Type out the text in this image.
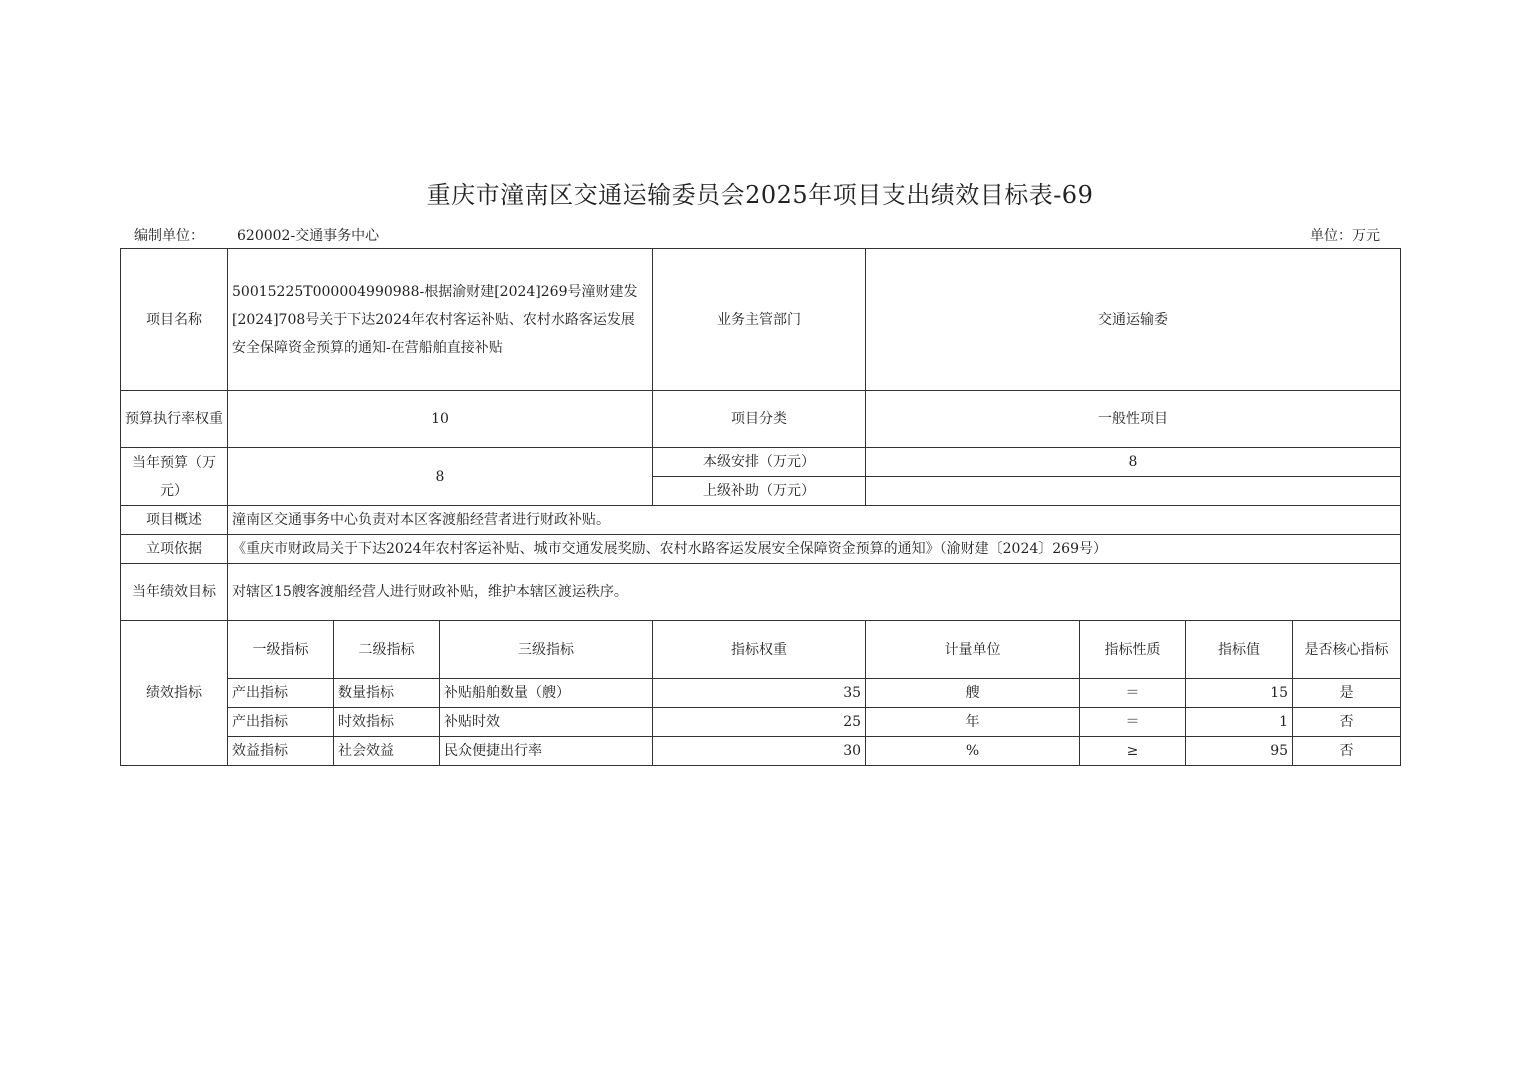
重庆市潼南区交通运输委员会2025年项目支出绩效目标表-69
编制单位： 620002-交通事务中心	单位：万元
项目名称	50015225T000004990988-根据渝财建[2024]269号潼财建发[2024]708号关于下达2024年农村客运补贴、农村水路客运发展安全保障资金预算的通知-在营船舶直接补贴			业务主管部门	交通运输委			
预算执行率权重	10			项目分类	一般性项目			
当年预算（万元）	8			本级安排（万元）	8			
				上级补助（万元）				
项目概述	潼南区交通事务中心负责对本区客渡船经营者进行财政补贴。							
立项依据	《重庆市财政局关于下达2024年农村客运补贴、城市交通发展奖励、农村水路客运发展安全保障资金预算的通知》（渝财建〔2024〕269号）							
当年绩效目标	对辖区15艘客渡船经营人进行财政补贴，维护本辖区渡运秩序。							
绩效指标	一级指标	二级指标	三级指标	指标权重	计量单位	指标性质	指标值	是否核心指标
	产出指标	数量指标	补贴船舶数量（艘）	35	艘	＝	15	是
	产出指标	时效指标	补贴时效	25	年	＝	1	否
	效益指标	社会效益	民众便捷出行率	30	%	≥	95	否
